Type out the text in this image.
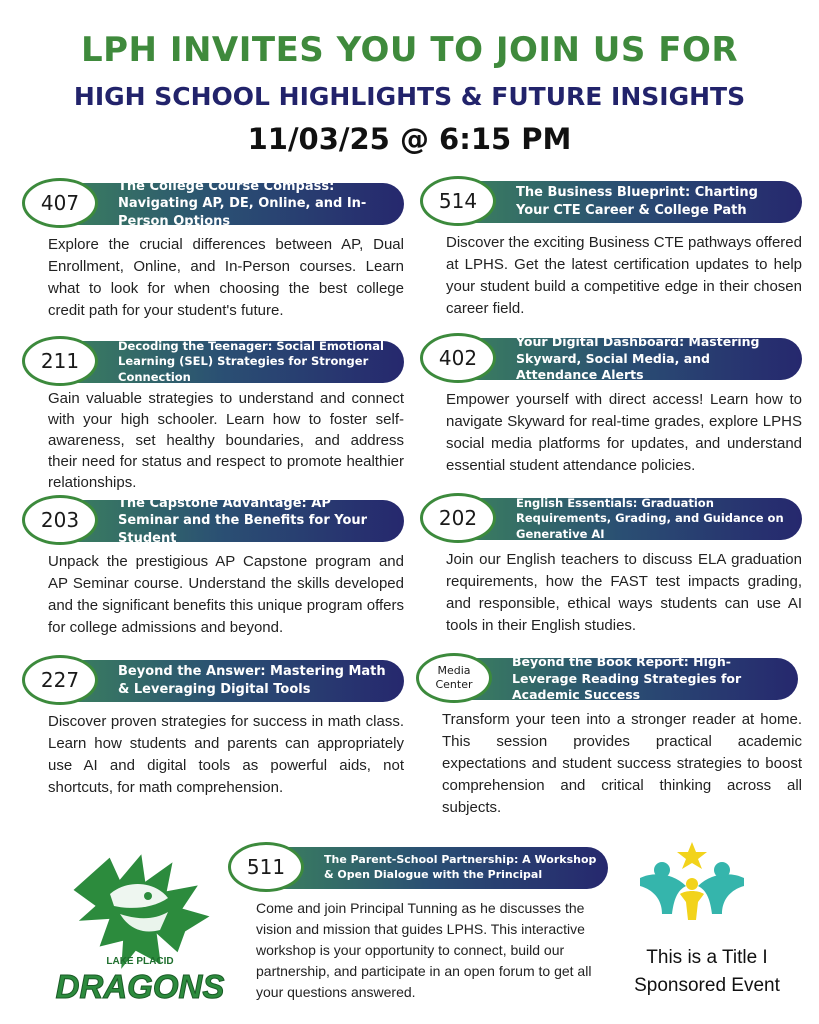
LPH INVITES YOU TO JOIN US FOR
HIGH SCHOOL HIGHLIGHTS & FUTURE INSIGHTS
11/03/25 @ 6:15 PM
The College Course Compass: Navigating AP, DE, Online, and In-Person Options
407
Explore the crucial differences between AP, Dual Enrollment, Online, and In-Person courses. Learn what to look for when choosing the best college credit path for your student's future.
The Business Blueprint: Charting Your CTE Career & College Path
514
Discover the exciting Business CTE pathways offered at LPHS. Get the latest certification updates to help your student build a competitive edge in their chosen career field.
Decoding the Teenager: Social Emotional Learning (SEL) Strategies for Stronger Connection
211
Gain valuable strategies to understand and connect with your high schooler. Learn how to foster self-awareness, set healthy boundaries, and address their need for status and respect to promote healthier relationships.
Your Digital Dashboard: Mastering Skyward, Social Media, and Attendance Alerts
402
Empower yourself with direct access! Learn how to navigate Skyward for real-time grades, explore LPHS social media platforms for updates, and understand essential student attendance policies.
The Capstone Advantage: AP Seminar and the Benefits for Your Student
203
Unpack the prestigious AP Capstone program and AP Seminar course. Understand the skills developed and the significant benefits this unique program offers for college admissions and beyond.
English Essentials: Graduation Requirements, Grading, and Guidance on Generative AI
202
Join our English teachers to discuss ELA graduation requirements, how the FAST test impacts grading, and responsible, ethical ways students can use AI tools in their English studies.
Beyond the Answer: Mastering Math & Leveraging Digital Tools
227
Discover proven strategies for success in math class. Learn how students and parents can appropriately use AI and digital tools as powerful aids, not shortcuts, for math comprehension.
Beyond the Book Report: High-Leverage Reading Strategies for Academic Success
Media Center
Transform your teen into a stronger reader at home. This session provides practical academic expectations and student success strategies to boost comprehension and critical thinking across all subjects.
The Parent-School Partnership: A Workshop & Open Dialogue with the Principal
511
Come and join Principal Tunning as he discusses the vision and mission that guides LPHS. This interactive workshop is your opportunity to connect, build our partnership, and participate in an open forum to get all your questions answered.
LAKE PLACID
DRAGONS
This is a Title I Sponsored Event
